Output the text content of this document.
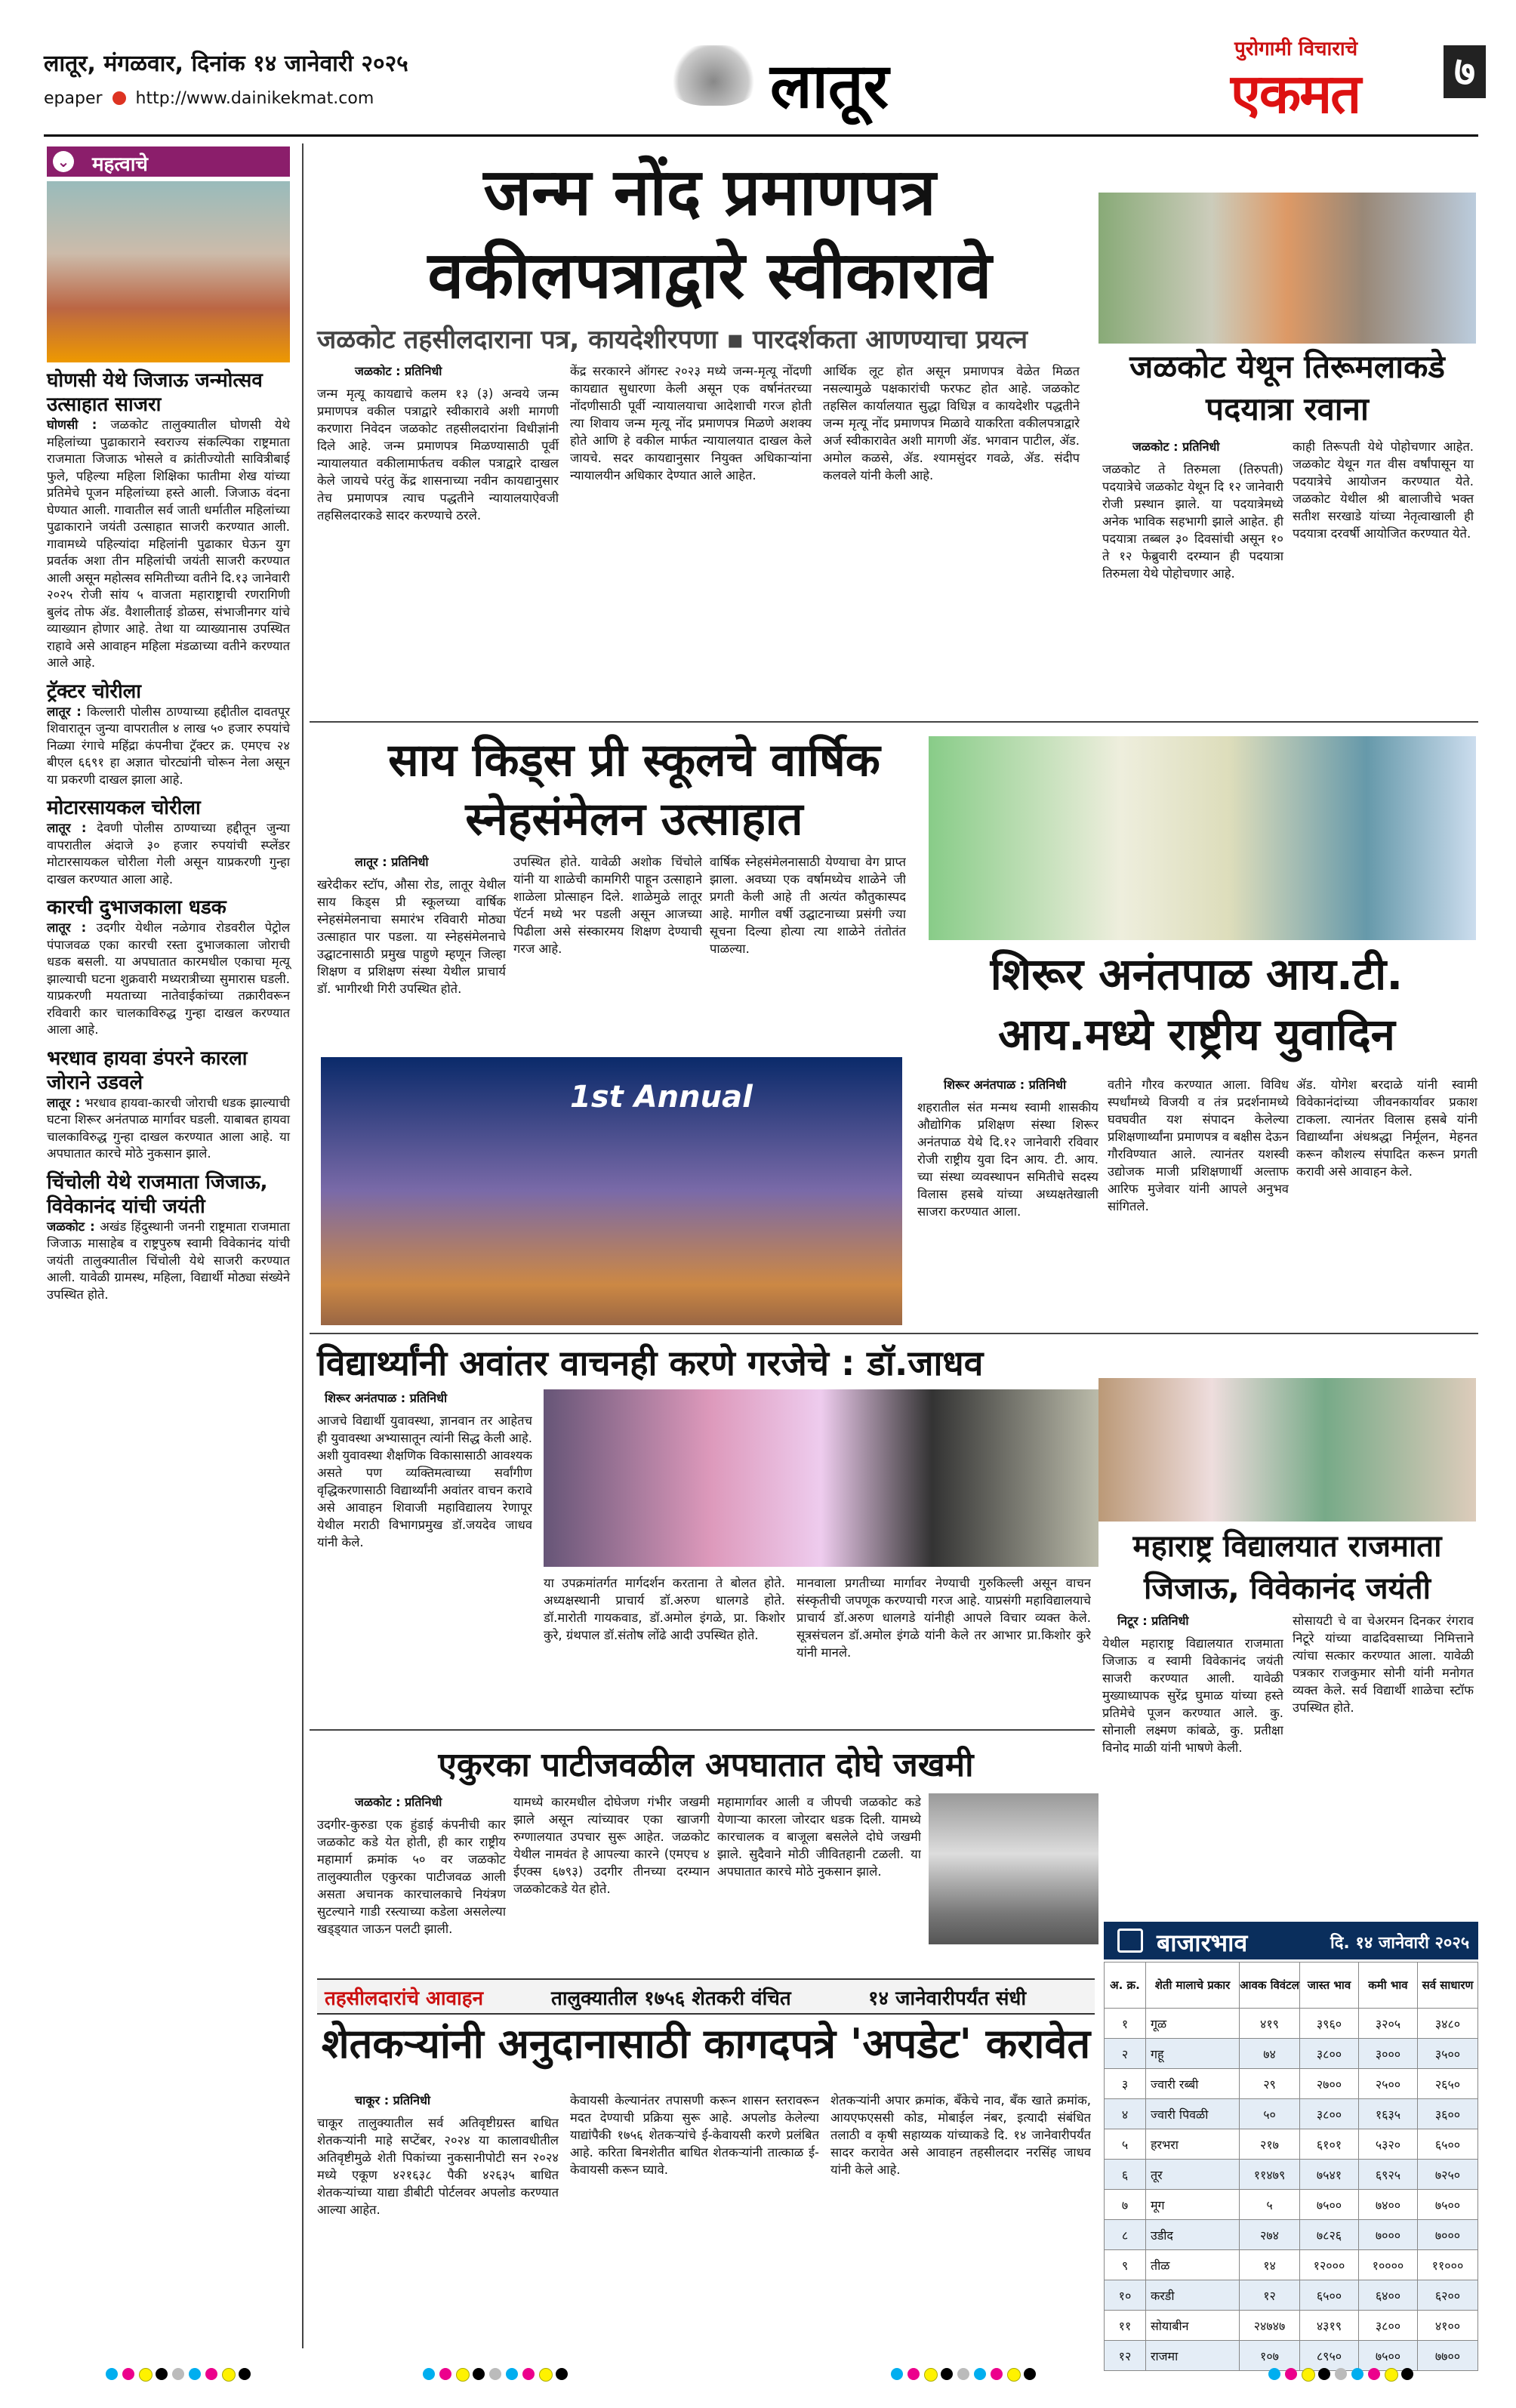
लातूर, मंगळवार, दिनांक १४ जानेवारी २०२५
epaper http://www.dainikekmat.com	लातूर
पुरोगामी विचाराचे
एकमत ७
⌄ महत्वाचे
घोणसी येथे जिजाऊ जन्मोत्सव उत्साहात साजरा
घोणसी : जळकोट तालुक्यातील घोणसी येथे महिलांच्या पुढाकाराने स्वराज्य संकल्पिका राष्ट्रमाता राजमाता जिजाऊ भोसले व क्रांतीज्योती सावित्रीबाई फुले, पहिल्या महिला शिक्षिका फातीमा शेख यांच्या प्रतिमेचे पूजन महिलांच्या हस्ते आली. जिजाऊ वंदना घेण्यात आली. गावातील सर्व जाती धर्मातील महिलांच्या पुढाकाराने जयंती उत्साहात साजरी करण्यात आली. गावामध्ये पहिल्यांदा महिलांनी पुढाकार घेऊन युग प्रवर्तक अशा तीन महिलांची जयंती साजरी करण्यात आली असून महोत्सव समितीच्या वतीने दि.१३ जानेवारी २०२५ रोजी सांय ५ वाजता महाराष्ट्राची रणरागिणी बुलंद तोफ ॲड. वैशालीताई डोळस, संभाजीनगर यांचे व्याख्यान होणार आहे. तेथा या व्याख्यानास उपस्थित राहावे असे आवाहन महिला मंडळाच्या वतीने करण्यात आले आहे.
ट्रॅक्टर चोरीला
लातूर : किल्लारी पोलीस ठाण्याच्या हद्दीतील दावतपूर शिवारातून जुन्या वापरातील ४ लाख ५० हजार रुपयांचे निळ्या रंगाचे महिंद्रा कंपनीचा ट्रॅक्टर क्र. एमएच २४ बीएल ६६९१ हा अज्ञात चोरट्यांनी चोरून नेला असून या प्रकरणी दाखल झाला आहे.
मोटारसायकल चोरीला
लातूर : देवणी पोलीस ठाण्याच्या हद्दीतून जुन्या वापरातील अंदाजे ३० हजार रुपयांची स्प्लेंडर मोटारसायकल चोरीला गेली असून याप्रकरणी गुन्हा दाखल करण्यात आला आहे.
कारची दुभाजकाला धडक
लातूर : उदगीर येथील नळेगाव रोडवरील पेट्रोल पंपाजवळ एका कारची रस्ता दुभाजकाला जोराची धडक बसली. या अपघातात कारमधील एकाचा मृत्यू झाल्याची घटना शुक्रवारी मध्यरात्रीच्या सुमारास घडली. याप्रकरणी मयताच्या नातेवाईकांच्या तक्रारीवरून रविवारी कार चालकाविरुद्ध गुन्हा दाखल करण्यात आला आहे.
भरधाव हायवा डंपरने कारला जोराने उडवले
लातूर : भरधाव हायवा-कारची जोराची धडक झाल्याची घटना शिरूर अनंतपाळ मार्गावर घडली. याबाबत हायवा चालकाविरुद्ध गुन्हा दाखल करण्यात आला आहे. या अपघातात कारचे मोठे नुकसान झाले.
चिंचोली येथे राजमाता जिजाऊ, विवेकानंद यांची जयंती
जळकोट : अखंड हिंदुस्थानी जननी राष्ट्रमाता राजमाता जिजाऊ मासाहेब व राष्ट्रपुरुष स्वामी विवेकानंद यांची जयंती तालुक्यातील चिंचोली येथे साजरी करण्यात आली. यावेळी ग्रामस्थ, महिला, विद्यार्थी मोठ्या संख्येने उपस्थित होते.
जन्म नोंद प्रमाणपत्र वकीलपत्राद्वारे स्वीकारावे
जळकोट तहसीलदाराना पत्र, कायदेशीरपणा ▪ पारदर्शकता आणण्याचा प्रयत्न
जळकोट : प्रतिनिधी
जन्म मृत्यू कायद्याचे कलम १३ (३) अन्वये जन्म प्रमाणपत्र वकील पत्राद्वारे स्वीकारावे अशी मागणी करणारा निवेदन जळकोट तहसीलदारांना विधीज्ञांनी दिले आहे. जन्म प्रमाणपत्र मिळण्यासाठी पूर्वी न्यायालयात वकीलामार्फतच वकील पत्राद्वारे दाखल केले जायचे परंतु केंद्र शासनाच्या नवीन कायद्यानुसार तेच प्रमाणपत्र त्याच पद्धतीने न्यायालयाऐवजी तहसिलदारकडे सादर करण्याचे ठरले.
केंद्र सरकारने ऑगस्ट २०२३ मध्ये जन्म-मृत्यू नोंदणी कायद्यात सुधारणा केली असून एक वर्षानंतरच्या नोंदणीसाठी पूर्वी न्यायालयाचा आदेशाची गरज होती त्या शिवाय जन्म मृत्यू नोंद प्रमाणपत्र मिळणे अशक्य होते आणि हे वकील मार्फत न्यायालयात दाखल केले जायचे. सदर कायद्यानुसार नियुक्त अधिकाऱ्यांना न्यायालयीन अधिकार देण्यात आले आहेत.
आर्थिक लूट होत असून प्रमाणपत्र वेळेत मिळत नसल्यामुळे पक्षकारांची फरफट होत आहे. जळकोट तहसिल कार्यालयात सुद्धा विधिज्ञ व कायदेशीर पद्धतीने जन्म मृत्यू नोंद प्रमाणपत्र मिळावे याकरिता वकीलपत्राद्वारे अर्ज स्वीकारावेत अशी मागणी ॲड. भगवान पाटील, ॲड. अमोल कळसे, ॲड. श्यामसुंदर गवळे, ॲड. संदीप कलवले यांनी केली आहे.
जळकोट येथून तिरूमलाकडे पदयात्रा रवाना
जळकोट : प्रतिनिधी
जळकोट ते तिरुमला (तिरुपती) पदयात्रेचे जळकोट येथून दि १२ जानेवारी रोजी प्रस्थान झाले. या पदयात्रेमध्ये अनेक भाविक सहभागी झाले आहेत. ही पदयात्रा तब्बल ३० दिवसांची असून १० ते १२ फेब्रुवारी दरम्यान ही पदयात्रा तिरुमला येथे पोहोचणार आहे.
काही तिरूपती येथे पोहोचणार आहेत. जळकोट येथून गत वीस वर्षांपासून या पदयात्रेचे आयोजन करण्यात येते. जळकोट येथील श्री बालाजीचे भक्त सतीश सरखाडे यांच्या नेतृत्वाखाली ही पदयात्रा दरवर्षी आयोजित करण्यात येते.
साय किड्स प्री स्कूलचे वार्षिक स्नेहसंमेलन उत्साहात
लातूर : प्रतिनिधी
खरेदीकर स्टॉप, औसा रोड, लातूर येथील साय किड्स प्री स्कूलच्या वार्षिक स्नेहसंमेलनाचा समारंभ रविवारी मोठ्या उत्साहात पार पडला. या स्नेहसंमेलनाचे उद्घाटनासाठी प्रमुख पाहुणे म्हणून जिल्हा शिक्षण व प्रशिक्षण संस्था येथील प्राचार्य डॉ. भागीरथी गिरी उपस्थित होते.
उपस्थित होते. यावेळी अशोक चिंचोले यांनी या शाळेची कामगिरी पाहून उत्साहाने शाळेला प्रोत्साहन दिले. शाळेमुळे लातूर पॅटर्न मध्ये भर पडली असून आजच्या पिढीला असे संस्कारमय शिक्षण देण्याची गरज आहे.
वार्षिक स्नेहसंमेलनासाठी येण्याचा वेग प्राप्त झाला. अवघ्या एक वर्षामध्येच शाळेने जी प्रगती केली आहे ती अत्यंत कौतुकास्पद आहे. मागील वर्षी उद्घाटनाच्या प्रसंगी ज्या सूचना दिल्या होत्या त्या शाळेने तंतोतंत पाळल्या.
1st Annual
शिरूर अनंतपाळ आय.टी. आय.मध्ये राष्ट्रीय युवादिन
शिरूर अनंतपाळ : प्रतिनिधी
शहरातील संत मन्मथ स्वामी शासकीय औद्योगिक प्रशिक्षण संस्था शिरूर अनंतपाळ येथे दि.१२ जानेवारी रविवार रोजी राष्ट्रीय युवा दिन आय. टी. आय. च्या संस्था व्यवस्थापन समितीचे सदस्य विलास हसबे यांच्या अध्यक्षतेखाली साजरा करण्यात आला.
वतीने गौरव करण्यात आला. विविध स्पर्धांमध्ये विजयी व तंत्र प्रदर्शनामध्ये घवघवीत यश संपादन केलेल्या प्रशिक्षणार्थ्यांना प्रमाणपत्र व बक्षीस देऊन गौरविण्यात आले. त्यानंतर यशस्वी उद्योजक माजी प्रशिक्षणार्थी अल्ताफ आरिफ मुजेवार यांनी आपले अनुभव सांगितले.
ॲड. योगेश बरदाळे यांनी स्वामी विवेकानंदांच्या जीवनकार्यावर प्रकाश टाकला. त्यानंतर विलास हसबे यांनी विद्यार्थ्यांना अंधश्रद्धा निर्मूलन, मेहनत करून कौशल्य संपादित करून प्रगती करावी असे आवाहन केले.
विद्यार्थ्यांनी अवांतर वाचनही करणे गरजेचे : डॉ.जाधव
शिरूर अनंतपाळ : प्रतिनिधी
आजचे विद्यार्थी युवावस्था, ज्ञानवान तर आहेतच ही युवावस्था अभ्यासातून त्यांनी सिद्ध केली आहे. अशी युवावस्था शैक्षणिक विकासासाठी आवश्यक असते पण व्यक्तिमत्वाच्या सर्वांगीण वृद्धिकरणासाठी विद्यार्थ्यांनी अवांतर वाचन करावे असे आवाहन शिवाजी महाविद्यालय रेणापूर येथील मराठी विभागप्रमुख डॉ.जयदेव जाधव यांनी केले.
या उपक्रमांतर्गत मार्गदर्शन करताना ते बोलत होते. अध्यक्षस्थानी प्राचार्य डॉ.अरुण धालगडे होते. डॉ.मारोती गायकवाड, डॉ.अमोल इंगळे, प्रा. किशोर कुरे, ग्रंथपाल डॉ.संतोष लोंढे आदी उपस्थित होते.
मानवाला प्रगतीच्या मार्गावर नेण्याची गुरुकिल्ली असून वाचन संस्कृतीची जपणूक करण्याची गरज आहे. याप्रसंगी महाविद्यालयाचे प्राचार्य डॉ.अरुण धालगडे यांनीही आपले विचार व्यक्त केले. सूत्रसंचलन डॉ.अमोल इंगळे यांनी केले तर आभार प्रा.किशोर कुरे यांनी मानले.
महाराष्ट्र विद्यालयात राजमाता जिजाऊ, विवेकानंद जयंती
निटूर : प्रतिनिधी
येथील महाराष्ट्र विद्यालयात राजमाता जिजाऊ व स्वामी विवेकानंद जयंती साजरी करण्यात आली. यावेळी मुख्याध्यापक सुरेंद्र घुमाळ यांच्या हस्ते प्रतिमेचे पूजन करण्यात आले. कु. सोनाली लक्ष्मण कांबळे, कु. प्रतीक्षा विनोद माळी यांनी भाषणे केली.
सोसायटी चे वा चेअरमन दिनकर रंगराव निटूरे यांच्या वाढदिवसाच्या निमित्ताने त्यांचा सत्कार करण्यात आला. यावेळी पत्रकार राजकुमार सोनी यांनी मनोगत व्यक्त केले. सर्व विद्यार्थी शाळेचा स्टॉफ उपस्थित होते.
एकुरका पाटीजवळील अपघातात दोघे जखमी
जळकोट : प्रतिनिधी
उदगीर-कुरुडा एक हुंडाई कंपनीची कार जळकोट कडे येत होती, ही कार राष्ट्रीय महामार्ग क्रमांक ५० वर जळकोट तालुक्यातील एकुरका पाटीजवळ आली असता अचानक कारचालकाचे नियंत्रण सुटल्याने गाडी रस्त्याच्या कडेला असलेल्या खड्ड्यात जाऊन पलटी झाली.
यामध्ये कारमधील दोघेजण गंभीर जखमी झाले असून त्यांच्यावर एका खाजगी रुग्णालयात उपचार सुरू आहेत. जळकोट येथील नामवंत हे आपल्या कारने (एमएच ४ ईएक्स ६७९३) उदगीर तीनच्या दरम्यान जळकोटकडे येत होते.
महामार्गावर आली व जीपची जळकोट कडे येणाऱ्या कारला जोरदार धडक दिली. यामध्ये कारचालक व बाजूला बसलेले दोघे जखमी झाले. सुदैवाने मोठी जीवितहानी टळली. या अपघातात कारचे मोठे नुकसान झाले.
तहसीलदारांचे आवाहन	तालुक्यातील १७५६ शेतकरी वंचित	१४ जानेवारीपर्यंत संधी
शेतकऱ्यांनी अनुदानासाठी कागदपत्रे 'अपडेट' करावेत
चाकूर : प्रतिनिधी
चाकूर तालुक्यातील सर्व अतिवृष्टीग्रस्त बाधित शेतकऱ्यांनी माहे सप्टेंबर, २०२४ या कालावधीतील अतिवृष्टीमुळे शेती पिकांच्या नुकसानीपोटी सन २०२४ मध्ये एकूण ४२१६३८ पैकी ४२६३५ बाधित शेतकऱ्यांच्या याद्या डीबीटी पोर्टलवर अपलोड करण्यात आल्या आहेत.
केवायसी केल्यानंतर तपासणी करून शासन स्तरावरून मदत देण्याची प्रक्रिया सुरू आहे. अपलोड केलेल्या याद्यांपैकी १७५६ शेतकऱ्यांचे ई-केवायसी करणे प्रलंबित आहे. करिता बिनशेतीत बाधित शेतकऱ्यांनी तात्काळ ई-केवायसी करून घ्यावे.
शेतकऱ्यांनी अपार क्रमांक, बँकेचे नाव, बँक खाते क्रमांक, आयएफएससी कोड, मोबाईल नंबर, इत्यादी संबंधित तलाठी व कृषी सहाय्यक यांच्याकडे दि. १४ जानेवारीपर्यंत सादर करावेत असे आवाहन तहसीलदार नरसिंह जाधव यांनी केले आहे.
बाजारभाव	दि. १४ जानेवारी २०२५
अ. क्र.	शेती मालाचे प्रकार	आवक विवंटल	जास्त भाव	कमी भाव	सर्व साधारण
१	गूळ	४१९	३९६०	३२०५	३४८०
२	गहू	७४	३८००	३०००	३५००
३	ज्वारी रब्बी	२९	२७००	२५००	२६५०
४	ज्वारी पिवळी	५०	३८००	१६३५	३६००
५	हरभरा	२१७	६१०१	५३२०	६५००
६	तूर	११४७९	७५४१	६९२५	७२५०
७	मूग	५	७५००	७४००	७५००
८	उडीद	२७४	७८२६	७०००	७०००
९	तीळ	१४	१२०००	१००००	११०००
१०	करडी	१२	६५००	६४००	६२००
११	सोयाबीन	२४७४७	४३१९	३८००	४१००
१२	राजमा	१०७	८९५०	७५००	७७००
